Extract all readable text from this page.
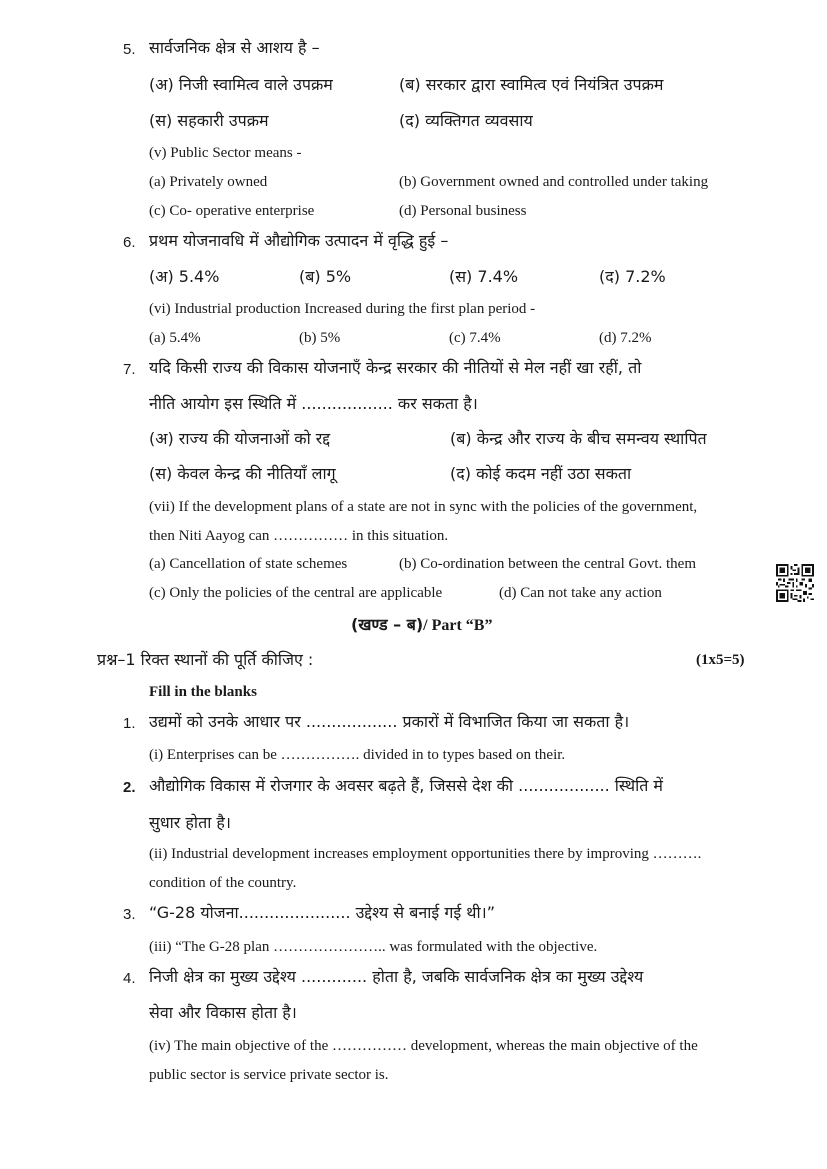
5. सार्वजनिक क्षेत्र से आशय है –
(अ) निजी स्वामित्व वाले उपक्रम	(ब) सरकार द्वारा स्वामित्व एवं नियंत्रित उपक्रम
(स) सहकारी उपक्रम	(द) व्यक्तिगत व्यवसाय
(v) Public Sector means -
(a) Privately owned	(b) Government owned and controlled under taking
(c) Co- operative enterprise	(d) Personal business
6. प्रथम योजनावधि में औद्योगिक उत्पादन में वृद्धि हुई –
(अ) 5.4%	(ब) 5%	(स) 7.4%	(द) 7.2%
(vi) Industrial production Increased during the first plan period -
(a) 5.4%	(b) 5%	(c) 7.4%	(d) 7.2%
7. यदि किसी राज्य की विकास योजनाएँ केन्द्र सरकार की नीतियों से मेल नहीं खा रहीं, तो
नीति आयोग इस स्थिति में .................. कर सकता है।
(अ) राज्य की योजनाओं को रद्द	(ब) केन्द्र और राज्य के बीच समन्वय स्थापित
(स) केवल केन्द्र की नीतियाँ लागू	(द) कोई कदम नहीं उठा सकता
(vii) If the development plans of a state are not in sync with the policies of the government,
then Niti Aayog can …………… in this situation.
(a) Cancellation of state schemes	(b) Co-ordination between the central Govt. them
(c) Only the policies of the central are applicable	(d) Can not take any action
(खण्ड – ब)/ Part “B”
प्रश्न–1 रिक्त स्थानों की पूर्ति कीजिए :	(1x5=5)
Fill in the blanks
1. उद्यमों को उनके आधार पर .................. प्रकारों में विभाजित किया जा सकता है।
(i) Enterprises can be ……………. divided in to types based on their.
2. औद्योगिक विकास में रोजगार के अवसर बढ़ते हैं, जिससे देश की .................. स्थिति में
सुधार होता है।
(ii) Industrial development increases employment opportunities there by improving ……….
condition of the country.
3. “G-28 योजना...................... उद्देश्य से बनाई गई थी।”
(iii) “The G-28 plan ………………….. was formulated with the objective.
4. निजी क्षेत्र का मुख्य उद्देश्य ............. होता है, जबकि सार्वजनिक क्षेत्र का मुख्य उद्देश्य
सेवा और विकास होता है।
(iv) The main objective of the …………… development, whereas the main objective of the
public sector is service private sector is.
